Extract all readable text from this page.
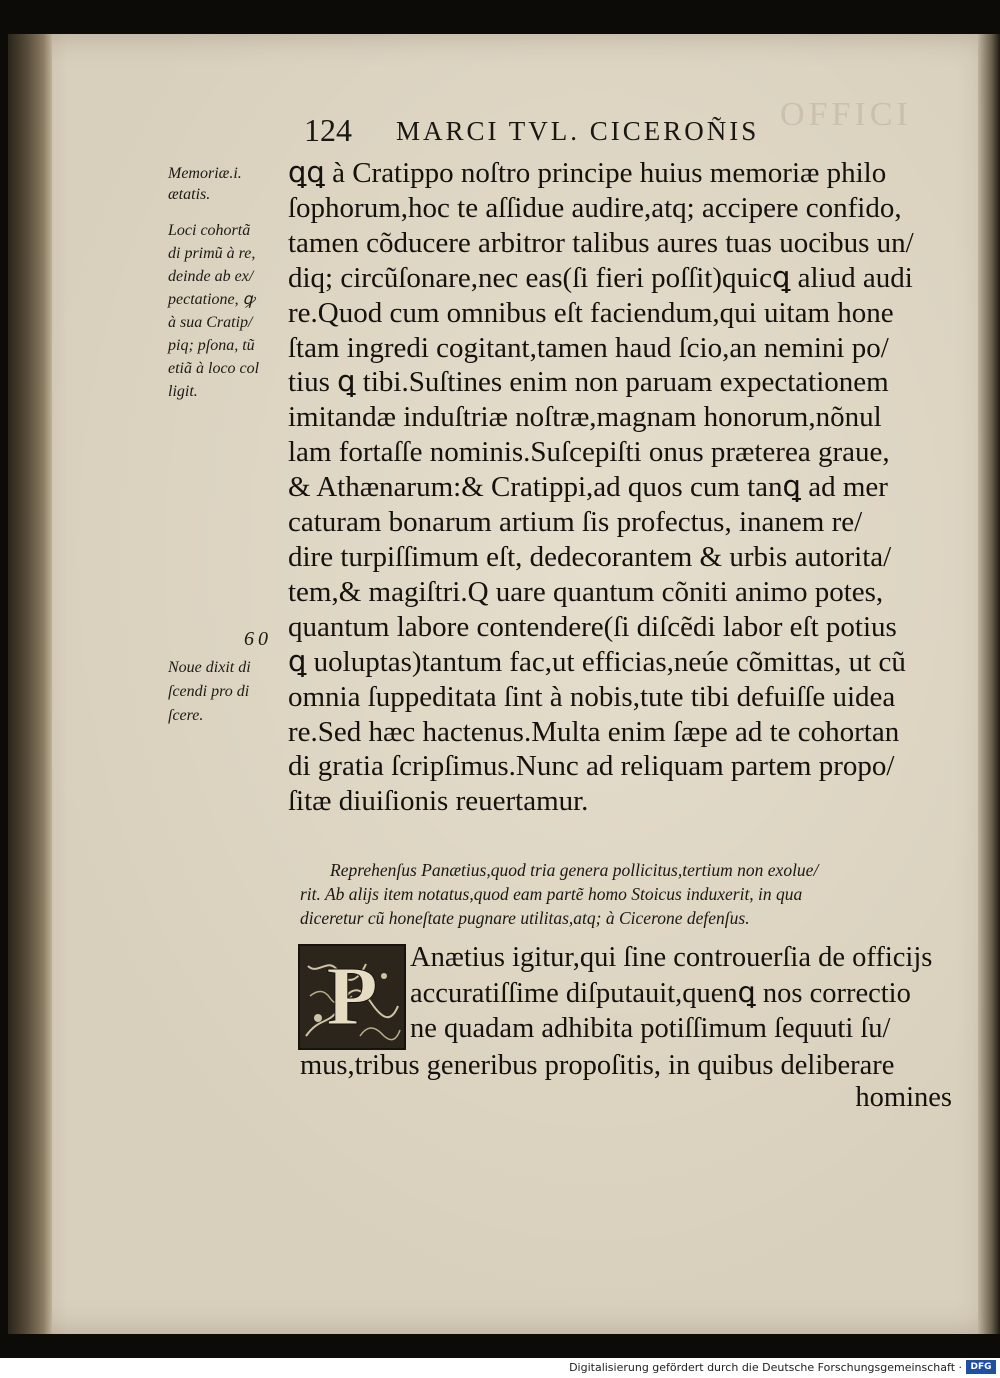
OFFICI
124 MARCI TVL. CICEROÑIS
Memoriæ.i.
ætatis.
Loci cohortã
di primũ à re,
deinde ab ex/
pectatione, ꝙ
à sua Cratip/
piq; pſona, tũ
etiã à loco col
ligit.
60
Noue dixit di
ſcendi pro di
ſcere.
ꝗꝗ à Cratippo noſtro principe huius memoriæ philo
ſophorum,hoc te aſſidue audire,atq; accipere confido,
tamen cõducere arbitror talibus aures tuas uocibus un/
diq; circũſonare,nec eas(ſi fieri poſſit)quicꝗ aliud audi
re.Quod cum omnibus eſt faciendum,qui uitam hone
ſtam ingredi cogitant,tamen haud ſcio,an nemini po/
tius ꝗ tibi.Suſtines enim non paruam expectationem
imitandæ induſtriæ noſtræ,magnam honorum,nõnul
lam fortaſſe nominis.Suſcepiſti onus præterea graue,
& Athænarum:& Cratippi,ad quos cum tanꝗ ad mer
caturam bonarum artium ſis profectus, inanem re/
dire turpiſſimum eſt, dedecorantem & urbis autorita/
tem,& magiſtri.Q uare quantum cõniti animo potes,
quantum labore contendere(ſi diſcẽdi labor eſt potius
ꝗ uoluptas)tantum fac,ut efficias,neúe cõmittas, ut cũ
omnia ſuppeditata ſint à nobis,tute tibi defuiſſe uidea
re.Sed hæc hactenus.Multa enim ſæpe ad te cohortan
di gratia ſcripſimus.Nunc ad reliquam partem propo/
ſitæ diuiſionis reuertamur.
Reprehenſus Panætius,quod tria genera pollicitus,tertium non exolue/
rit. Ab alijs item notatus,quod eam partẽ homo Stoicus induxerit, in qua
diceretur cũ honeſtate pugnare utilitas,atq; à Cicerone defenſus.
P Anætius igitur,qui ſine controuerſia de officijs
accuratiſſime diſputauit,quenꝗ nos correctio
ne quadam adhibita potiſſimum ſequuti ſu/
mus,tribus generibus propoſitis, in quibus deliberare
homines
Digitalisierung gefördert durch die Deutsche Forschungsgemeinschaft · DFG
